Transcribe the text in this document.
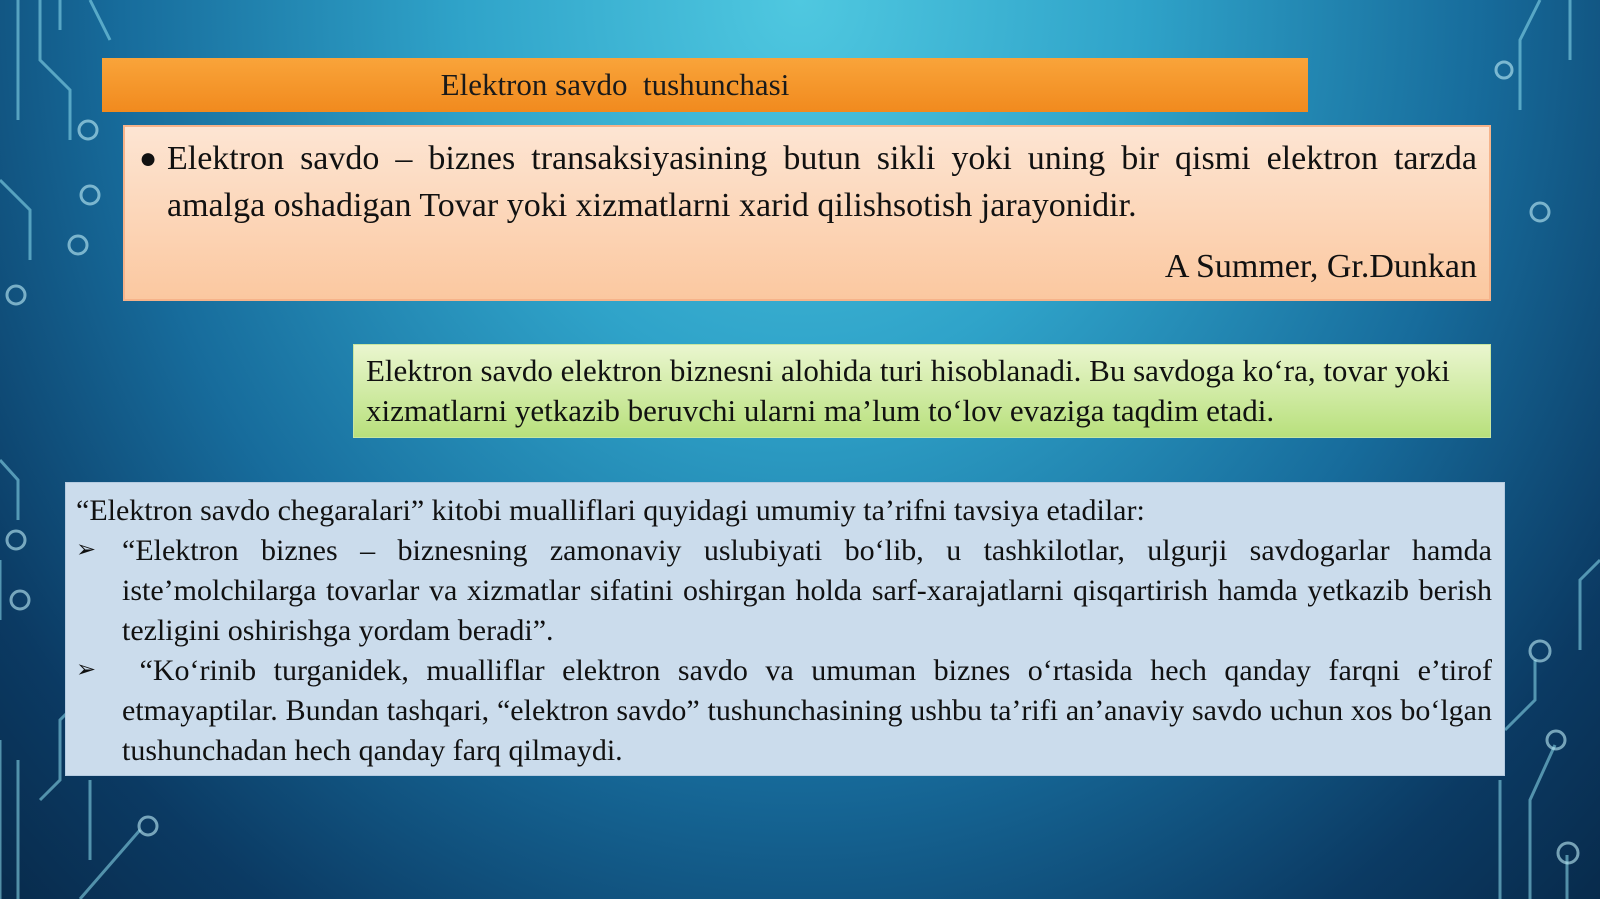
Elektron savdo  tushunchasi
● Elektron savdo – biznes transaksiyasining butun sikli yoki uning bir qismi elektron tarzda amalga oshadigan Tovar yoki xizmatlarni xarid qilishsotish jarayonidir.
A Summer, Gr.Dunkan
Elektron savdo elektron biznesni alohida turi hisoblanadi. Bu savdoga ko‘ra, tovar yoki xizmatlarni yetkazib beruvchi ularni ma’lum to‘lov evaziga taqdim etadi.
“Elektron savdo chegaralari” kitobi mualliflari quyidagi umumiy ta’rifni tavsiya etadilar:
➢ “Elektron biznes – biznesning zamonaviy uslubiyati bo‘lib, u tashkilotlar, ulgurji savdogarlar hamda iste’molchilarga tovarlar va xizmatlar sifatini oshirgan holda sarf-xarajatlarni qisqartirish hamda yetkazib berish tezligini oshirishga yordam beradi”.
➢ “Ko‘rinib turganidek, mualliflar elektron savdo va umuman biznes o‘rtasida hech qanday farqni e’tirof etmayaptilar. Bundan tashqari, “elektron savdo” tushunchasining ushbu ta’rifi an’anaviy savdo uchun xos bo‘lgan tushunchadan hech qanday farq qilmaydi.
